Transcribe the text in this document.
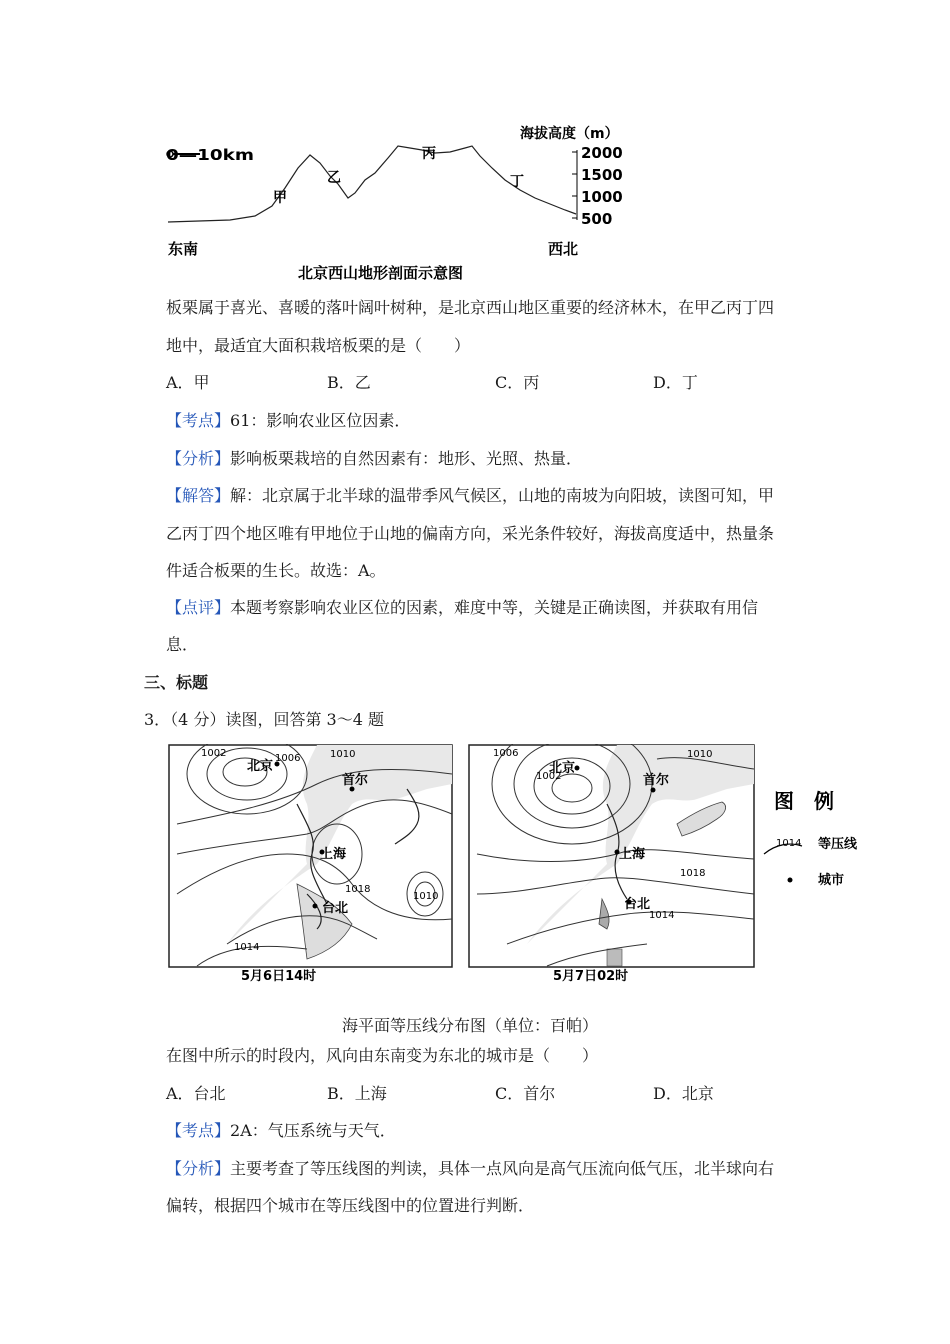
0—10km
海拔高度（m）
2000
1500
1000
500
甲
乙
丙
丁
东南	西北
北京西山地形剖面示意图
板栗属于喜光、喜暖的落叶阔叶树种，是北京西山地区重要的经济林木，在甲乙丙丁四
地中，最适宜大面积栽培板栗的是（　　）
A．甲	B．乙	C．丙	D．丁
【考点】61：影响农业区位因素．
【分析】影响板栗栽培的自然因素有：地形、光照、热量．
【解答】解：北京属于北半球的温带季风气候区，山地的南坡为向阳坡，读图可知，甲
乙丙丁四个地区唯有甲地位于山地的偏南方向，采光条件较好，海拔高度适中，热量条
件适合板栗的生长。故选：A。
【点评】本题考察影响农业区位的因素，难度中等，关键是正确读图，并获取有用信
息．
三、标题
3．（4 分）读图，回答第 3～4 题
北京
首尔
上海
台北
1002	1006	1010
1018
1010
1014
5月6日14时
北京
首尔
上海
台北
1006
1002
1010
1018
1014
5月7日02时
图　例
1014 等压线
城市
海平面等压线分布图（单位：百帕）
在图中所示的时段内，风向由东南变为东北的城市是（　　）
A．台北	B．上海	C．首尔	D．北京
【考点】2A：气压系统与天气．
【分析】主要考查了等压线图的判读，具体一点风向是高气压流向低气压，北半球向右
偏转，根据四个城市在等压线图中的位置进行判断．
